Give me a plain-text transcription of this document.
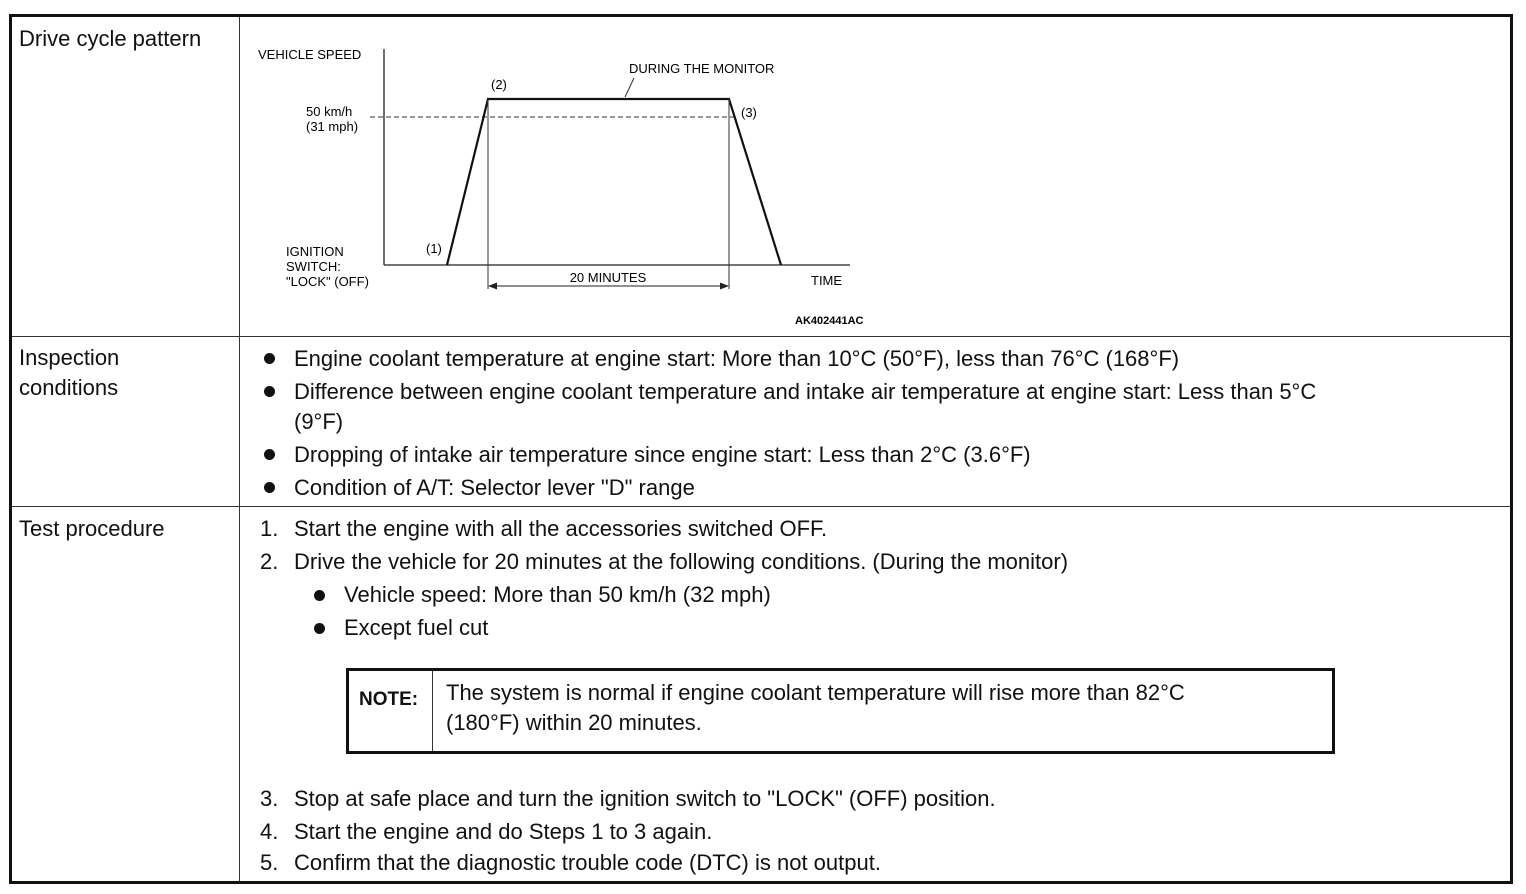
Drive cycle pattern
Inspection
conditions
Test procedure
VEHICLE SPEED
20 MINUTES
50 km/h
(31 mph)
IGNITION
SWITCH:
"LOCK" (OFF)	TIME
DURING THE MONITOR
(1)
(2)
(3)
AK402441AC
Engine coolant temperature at engine start: More than 10°C (50°F), less than 76°C (168°F)
Difference between engine coolant temperature and intake air temperature at engine start: Less than 5°C
(9°F)
Dropping of intake air temperature since engine start: Less than 2°C (3.6°F)
Condition of A/T: Selector lever "D" range
1. Start the engine with all the accessories switched OFF.
2. Drive the vehicle for 20 minutes at the following conditions. (During the monitor)
Vehicle speed: More than 50 km/h (32 mph)
Except fuel cut
NOTE: The system is normal if engine coolant temperature will rise more than 82°C
(180°F) within 20 minutes.
3. Stop at safe place and turn the ignition switch to "LOCK" (OFF) position.
4. Start the engine and do Steps 1 to 3 again.
5. Confirm that the diagnostic trouble code (DTC) is not output.
